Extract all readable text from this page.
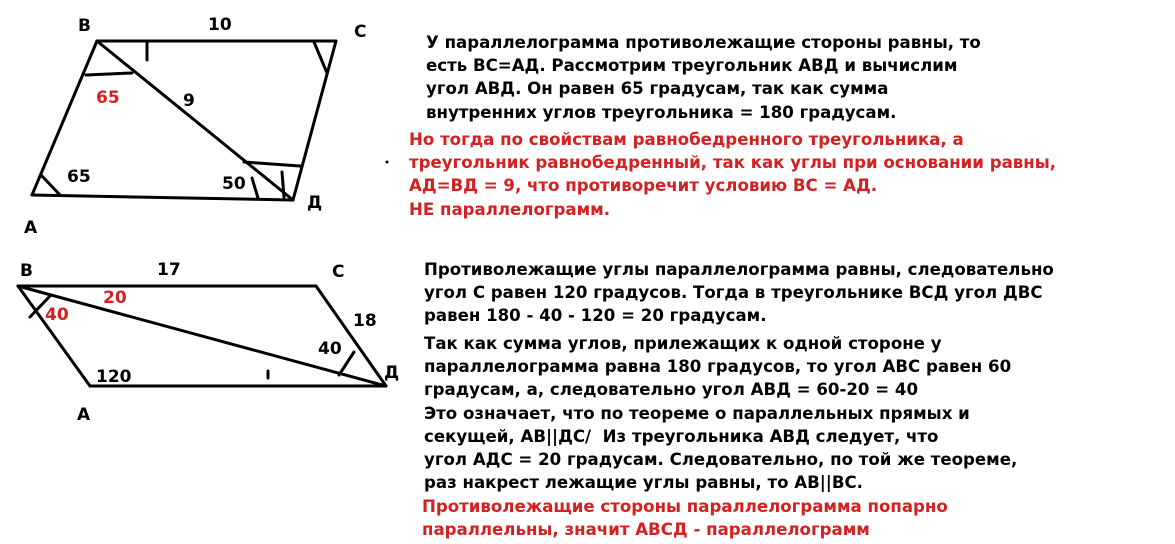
В	С
А
Д
10
9
65
65	50
В	С
А
Д
17
18
20
40
40
120

У параллелограмма противолежащие стороны равны, то
есть ВС=АД. Рассмотрим треугольник АВД и вычислим
угол АВД. Он равен 65 градусам, так как сумма
внутренних углов треугольника = 180 градусам.

Но тогда по свойствам равнобедренного треугольника, а
треугольник равнобедренный, так как углы при основании равны,
АД=ВД = 9, что противоречит условию ВС = АД.
НЕ параллелограмм.

Противолежащие углы параллелограмма равны, следовательно
угол С равен 120 градусов. Тогда в треугольнике ВСД угол ДВС
равен 180 - 40 - 120 = 20 градусам.

Так как сумма углов, прилежащих к одной стороне у
параллелограмма равна 180 градусов, то угол АВС равен 60
градусам, а, следовательно угол АВД = 60-20 = 40
Это означает, что по теореме о параллельных прямых и
секущей, АВ||ДС/  Из треугольника АВД следует, что
угол АДС = 20 градусам. Следовательно, по той же теореме,
раз накрест лежащие углы равны, то АВ||ВС.

Противолежащие стороны параллелограмма попарно
параллельны, значит АВСД - параллелограмм
